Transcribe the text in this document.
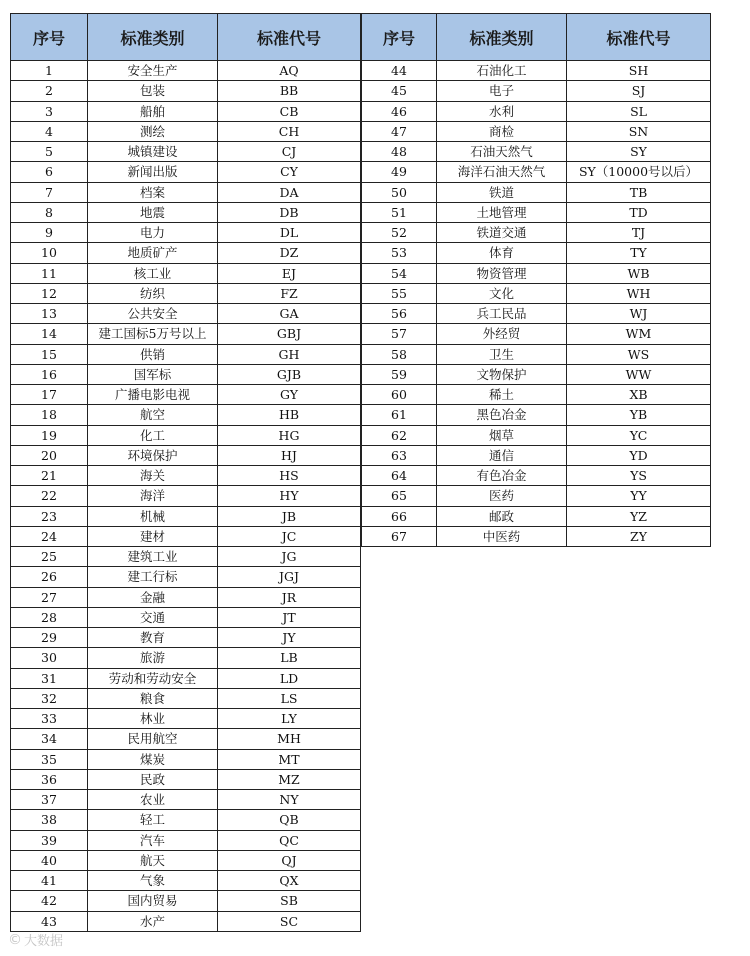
序号	标准类别	标准代号
1	安全生产	AQ
2	包装	BB
3	船舶	CB
4	测绘	CH
5	城镇建设	CJ
6	新闻出版	CY
7	档案	DA
8	地震	DB
9	电力	DL
10	地质矿产	DZ
11	核工业	EJ
12	纺织	FZ
13	公共安全	GA
14	建工国标5万号以上	GBJ
15	供销	GH
16	国军标	GJB
17	广播电影电视	GY
18	航空	HB
19	化工	HG
20	环境保护	HJ
21	海关	HS
22	海洋	HY
23	机械	JB
24	建材	JC
25	建筑工业	JG
26	建工行标	JGJ
27	金融	JR
28	交通	JT
29	教育	JY
30	旅游	LB
31	劳动和劳动安全	LD
32	粮食	LS
33	林业	LY
34	民用航空	MH
35	煤炭	MT
36	民政	MZ
37	农业	NY
38	轻工	QB
39	汽车	QC
40	航天	QJ
41	气象	QX
42	国内贸易	SB
43	水产	SC
序号	标准类别	标准代号
44	石油化工	SH
45	电子	SJ
46	水利	SL
47	商检	SN
48	石油天然气	SY
49	海洋石油天然气	SY（10000号以后）
50	铁道	TB
51	土地管理	TD
52	铁道交通	TJ
53	体育	TY
54	物资管理	WB
55	文化	WH
56	兵工民品	WJ
57	外经贸	WM
58	卫生	WS
59	文物保护	WW
60	稀土	XB
61	黑色冶金	YB
62	烟草	YC
63	通信	YD
64	有色冶金	YS
65	医药	YY
66	邮政	YZ
67	中医药	ZY
© 大数据
